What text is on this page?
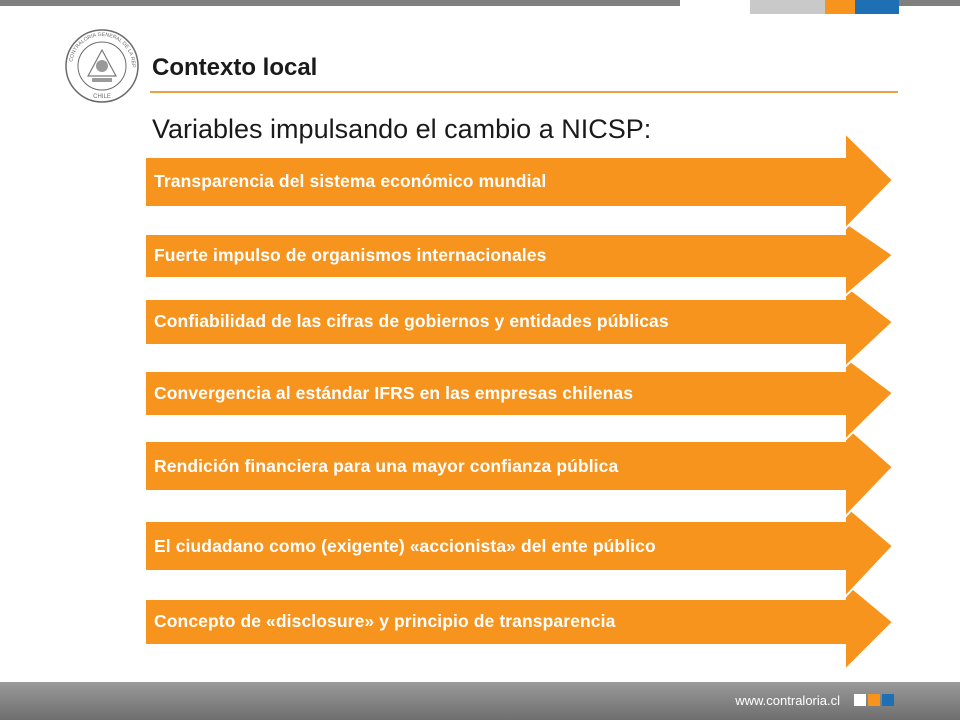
CONTRALORIA GENERAL DE LA REP
CHILE
Contexto local
Variables impulsando el cambio a NICSP:
Transparencia del sistema económico mundial
Fuerte impulso de organismos internacionales
Confiabilidad de las cifras de gobiernos y entidades públicas
Convergencia al estándar IFRS en las empresas chilenas
Rendición financiera para una mayor confianza pública
El ciudadano como (exigente) «accionista» del ente público
Concepto de «disclosure» y principio de transparencia
www.contraloria.cl
